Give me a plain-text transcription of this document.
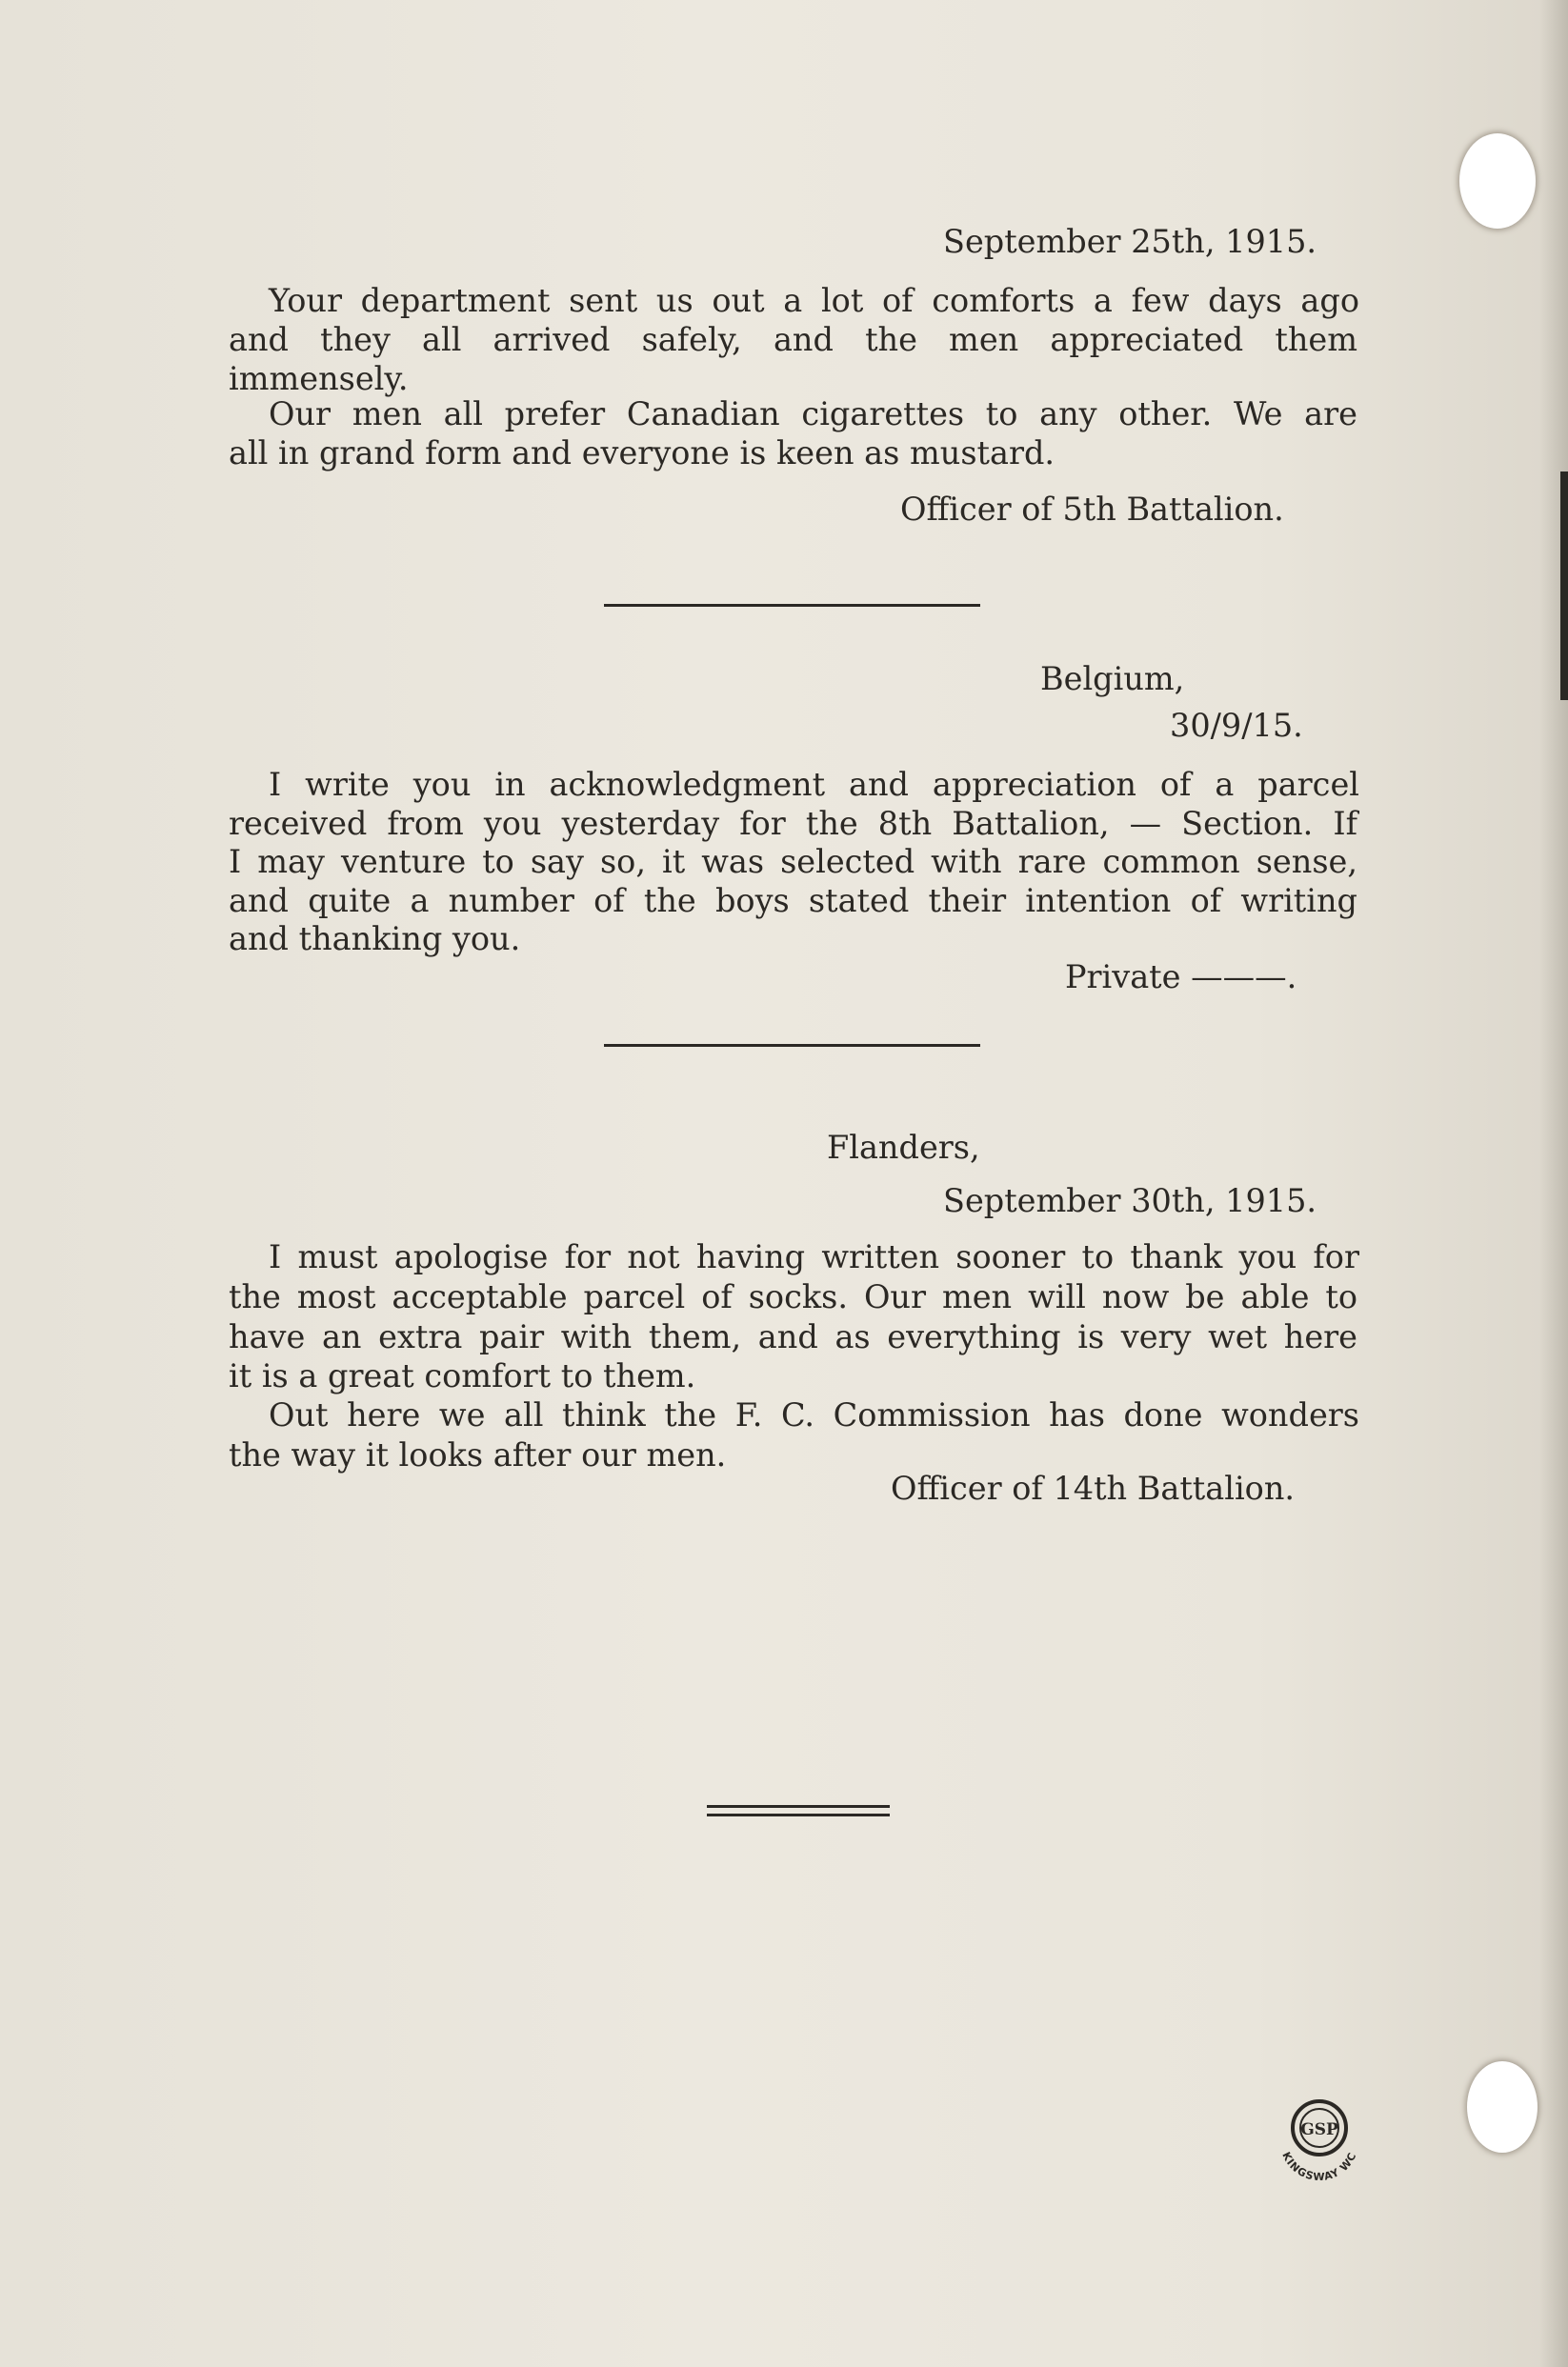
September 25th, 1915.

Your department sent us out a lot of comforts a few days ago

and they all arrived safely, and the men appreciated them

immensely.

Our men all prefer Canadian cigarettes to any other. We are

all in grand form and everyone is keen as mustard.

Officer of 5th Battalion.

Belgium,

30/9/15.

I write you in acknowledgment and appreciation of a parcel

received from you yesterday for the 8th Battalion, — Section. If

I may venture to say so, it was selected with rare common sense,

and quite a number of the boys stated their intention of writing

and thanking you.

Private ———.

Flanders,

September 30th, 1915.

I must apologise for not having written sooner to thank you for

the most acceptable parcel of socks. Our men will now be able to

have an extra pair with them, and as everything is very wet here

it is a great comfort to them.

Out here we all think the F. C. Commission has done wonders

the way it looks after our men.

Officer of 14th Battalion.

GSP
KINGSWAY WC
